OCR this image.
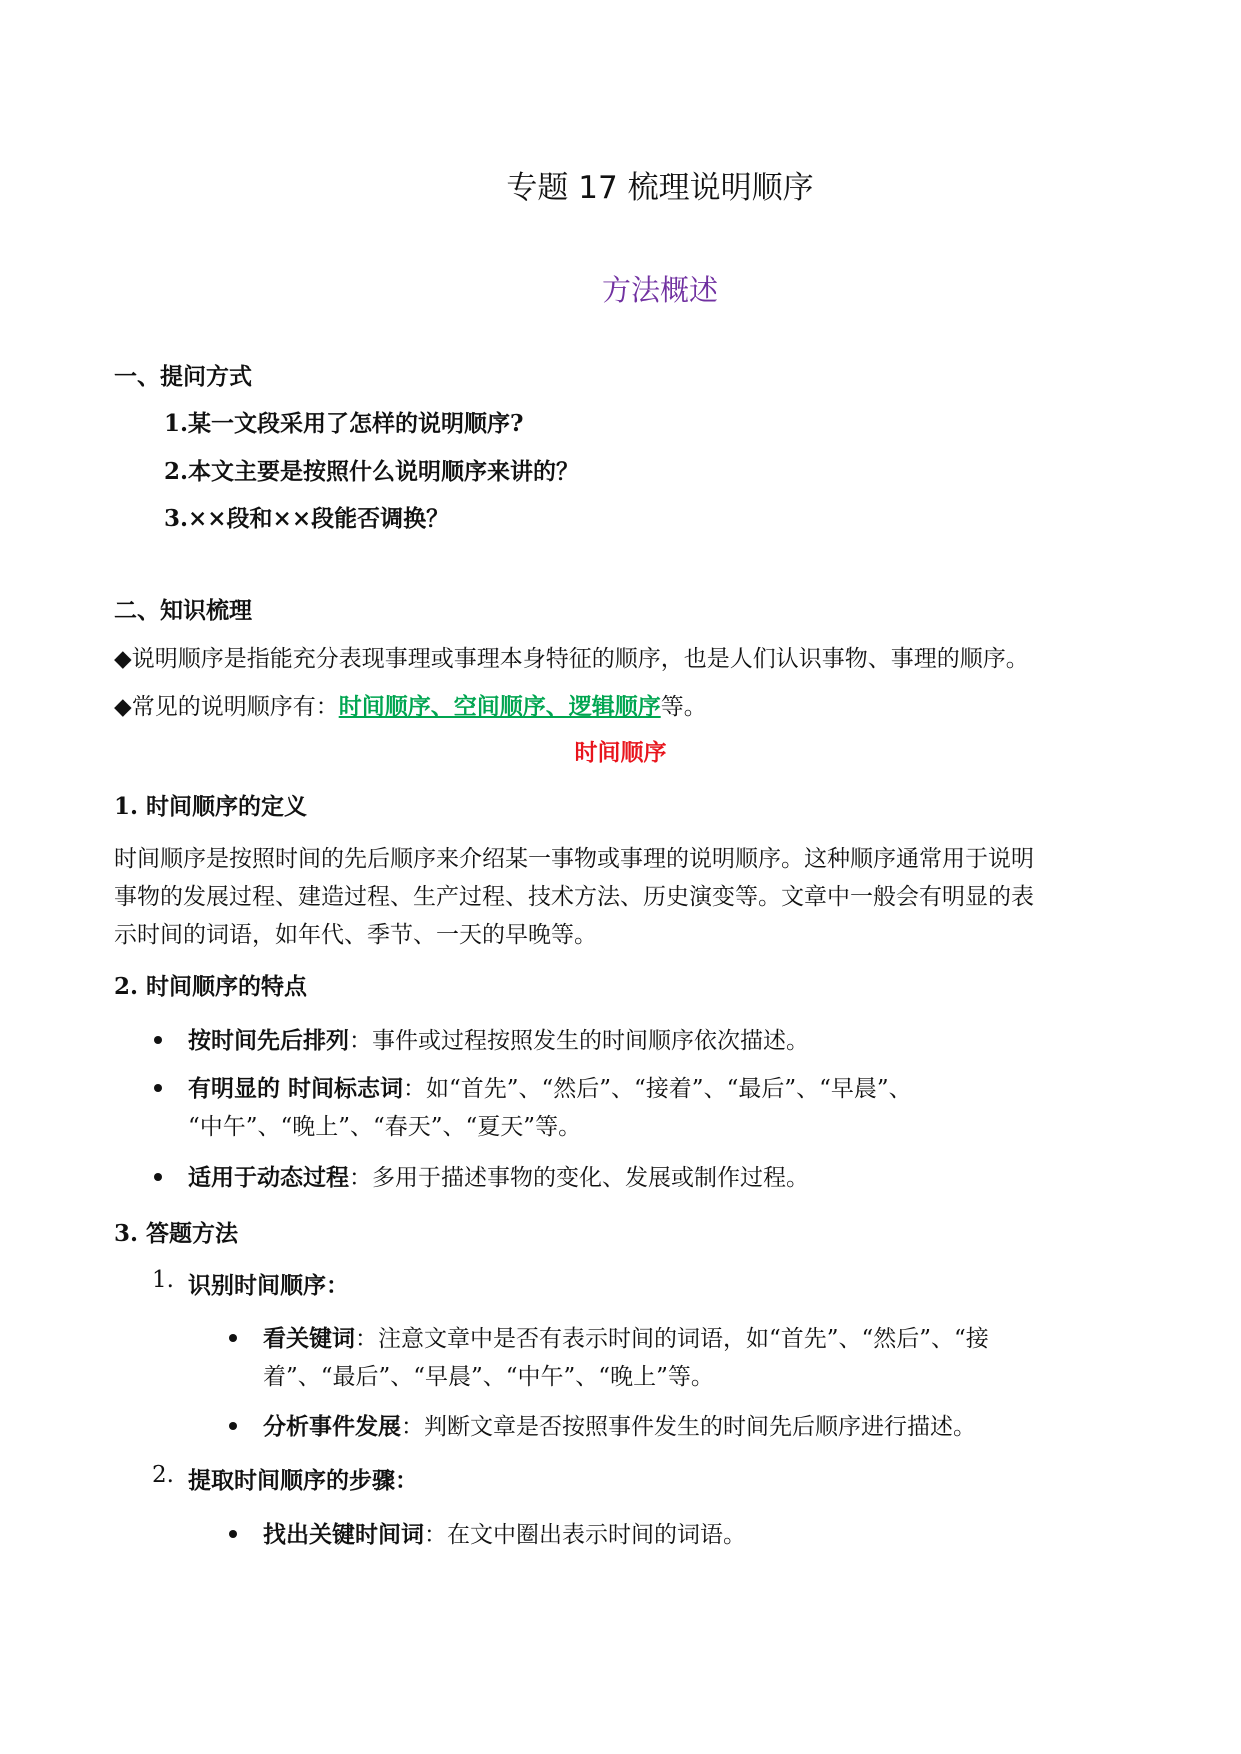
专题 17 梳理说明顺序
方法概述
一、提问方式
1.某一文段采用了怎样的说明顺序?
2.本文主要是按照什么说明顺序来讲的？
3.××段和××段能否调换？
二、知识梳理
◆说明顺序是指能充分表现事理或事理本身特征的顺序，也是人们认识事物、事理的顺序。
◆常见的说明顺序有：时间顺序、空间顺序、逻辑顺序等。
时间顺序
1. 时间顺序的定义
时间顺序是按照时间的先后顺序来介绍某一事物或事理的说明顺序。这种顺序通常用于说明
事物的发展过程、建造过程、生产过程、技术方法、历史演变等。文章中一般会有明显的表
示时间的词语，如年代、季节、一天的早晚等。
2. 时间顺序的特点
按时间先后排列：事件或过程按照发生的时间顺序依次描述。
有明显的 时间标志词：如“首先”、“然后”、“接着”、“最后”、“早晨”、
“中午”、“晚上”、“春天”、“夏天”等。
适用于动态过程：多用于描述事物的变化、发展或制作过程。
3. 答题方法
1. 识别时间顺序：
看关键词：注意文章中是否有表示时间的词语，如“首先”、“然后”、“接
着”、“最后”、“早晨”、“中午”、“晚上”等。
分析事件发展：判断文章是否按照事件发生的时间先后顺序进行描述。
2. 提取时间顺序的步骤：
找出关键时间词：在文中圈出表示时间的词语。
